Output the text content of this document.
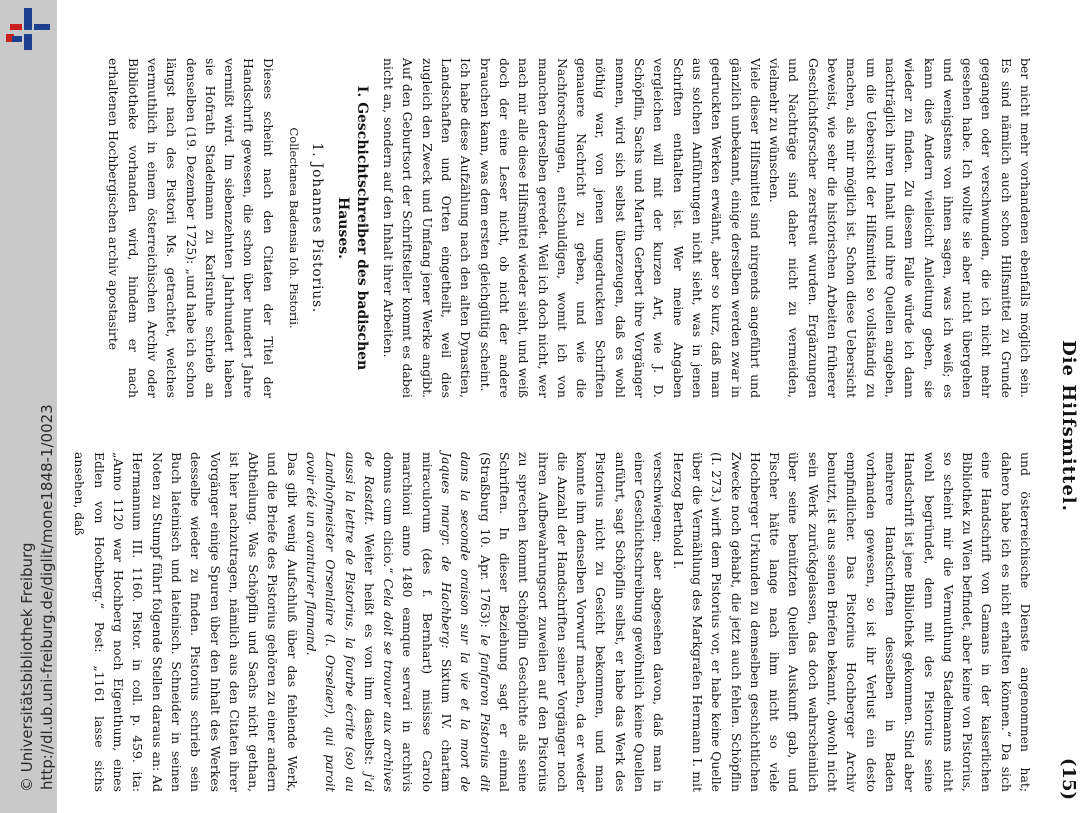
http://dl.ub.uni-freiburg.de/diglit/mone1848-1/0023
© Universitätsbibliothek Freiburg
Die Hilfsmittel.
(15)

ber nicht mehr vorhandenen ebenfalls möglich sein. Es sind nämlich auch schon Hilfsmittel zu Grunde gegangen oder verschwunden, die ich nicht mehr gesehen habe. Ich wollte sie aber nicht übergehen und wenigstens von ihnen sagen, was ich weiß; es kann dies Andern vielleicht Anleitung geben, sie wieder zu finden. Zu diesem Falle würde ich dann nachträglich ihren Inhalt und ihre Quellen angeben, um die Uebersicht der Hilfsmittel so vollständig zu machen, als mir möglich ist. Schon diese Uebersicht beweist, wie sehr die historischen Arbeiten früherer Geschichtsforscher zerstreut wurden. Ergänzungen und Nachträge sind daher nicht zu vermeiden, vielmehr zu wünschen.

Viele dieser Hilfsmittel sind nirgends angeführt und gänzlich unbekannt, einige derselben werden zwar in gedruckten Werken erwähnt, aber so kurz, daß man aus solchen Anführungen nicht sieht, was in jenen Schriften enthalten ist. Wer meine Angaben vergleichen will mit der kurzen Art, wie J. D. Schöpflin, Sachs und Martin Gerbert ihre Vorgänger nennen, wird sich selbst überzeugen, daß es wohl nöthig war, von jenen ungedruckten Schriften genauere Nachricht zu geben, und wie die Nachforschungen, entschuldigen, womit ich von manchen derselben geredet. Weil ich doch nicht, wer nach mir alle diese Hilfsmittel wieder sieht, und weiß doch der eine Leser nicht, ob nicht der andere brauchen kann, was dem ersten gleichgültig scheint.

Ich habe diese Aufzählung nach den alten Dynastien, Landschaften und Orten eingetheilt, weil dies zugleich den Zweck und Umfang jener Werke angibt. Auf den Geburtsort der Schriftsteller kommt es dabei nicht an, sondern auf den Inhalt ihrer Arbeiten.

I. Geschichtschreiber des badischen Hauses.
1. Johannes Pistorius.
Collectanea Badensia Ioh. Pistorii.

Dieses scheint nach den Citaten der Titel der Handschrift gewesen, die schon über hundert Jahre vermißt wird. Im siebenzehnten Jahrhundert haben sie Hofrath Stadelmann zu Karlsruhe schrieb an denselben (19. Dezember 1725): „und habe ich schon längst nach des Pistorii Ms. getrachtet, welches vermuthlich in einem österreichischen Archiv oder Bibliotheke vorhanden wird, hindem er nach erhaltenen Hochbergischen archiv apostasirte

und österreichische Dienste angenommen hat; dahero habe ich es nicht erhalten können.“ Da sich eine Handschrift von Gamans in der kaiserlichen Bibliothek zu Wien befindet, aber keine von Pistorius, so scheint mir die Vermuthung Stadelmanns nicht wohl begründet, denn mit des Pistorius seine Handschrift ist jene Bibliothek gekommen. Sind aber mehrere Handschriften desselben in Baden vorhanden gewesen, so ist ihr Verlust ein desto empfindlicher. Das Pistorius Hochberger Archiv benutzt, ist aus seinen Briefen bekannt, obwohl nicht sein Werk zurückgelassen, das doch wahrscheinlich über seine benützten Quellen Auskunft gab, und Fischer hätte lange nach ihm nicht so viele Hochberger Urkunden zu demselben geschichtlichen Zwecke noch gehabt, die jetzt auch fehlen. Schöpflin (I. 273.) wirft dem Pistorius vor, er habe keine Quelle über die Vermählung des Markgrafen Hermann I. mit Herzog Berthold I.

verschwiegen; aber abgesehen davon, daß man in einer Geschichtschreibung gewöhnlich keine Quellen anführt, sagt Schöpflin selbst, er habe das Werk des Pistorius nicht zu Gesicht bekommen, und man konnte ihm denselben Vorwurf machen, da er weder die Anzahl der Handschriften seiner Vorgänger noch ihren Aufbewahrungsort zuweilen auf den Pistorius zu sprechen kommt Schöpflin Geschichte als seine Schriften. In dieser Beziehung sagt er einmal (Straßburg 10. Apr. 1763): le fanfaron Pistorius dit dans la seconde oraison sur la vie et la mort de Jaques margr. de Hachberg: Sixtum IV. chartam miraculorum (des f. Bernhart) misisse Carolo marchioni anno 1480 eamque servari in archivis domus cum clicio.“ Cela doit se trouver aux archives de Rastatt. Weiter heißt es von ihm daselbst: j'ai aussi la lettre de Pistorius, la fourbe écrite (so) au Landhofmeister Orsenlaire (l. Orselaer), qui paroit avoir été un avanturier flamand.

Das gibt wenig Aufschluß über das fehlende Werk, und die Briefe des Pistorius gehören zu einer andern Abtheilung. Was Schöpflin und Sachs nicht gethan, ist hier nachzutragen, nämlich aus den Citaten ihrer Vorgänger einige Spuren über den Inhalt des Werkes desselbe wieder zu finden. Pistorius schrieb sein Buch lateinisch und lateinisch. Schneider in seinen Noten zu Stumpf führt folgende Stellen daraus an: Ad Hermannum III. 1160. Pistor. in coll. p. 459. ita: „Anno 1120 war Hochberg noch Eigenthum, eines Edlen von Hochberg.“ Post: „1161 lasse sichs ansehen, daß
